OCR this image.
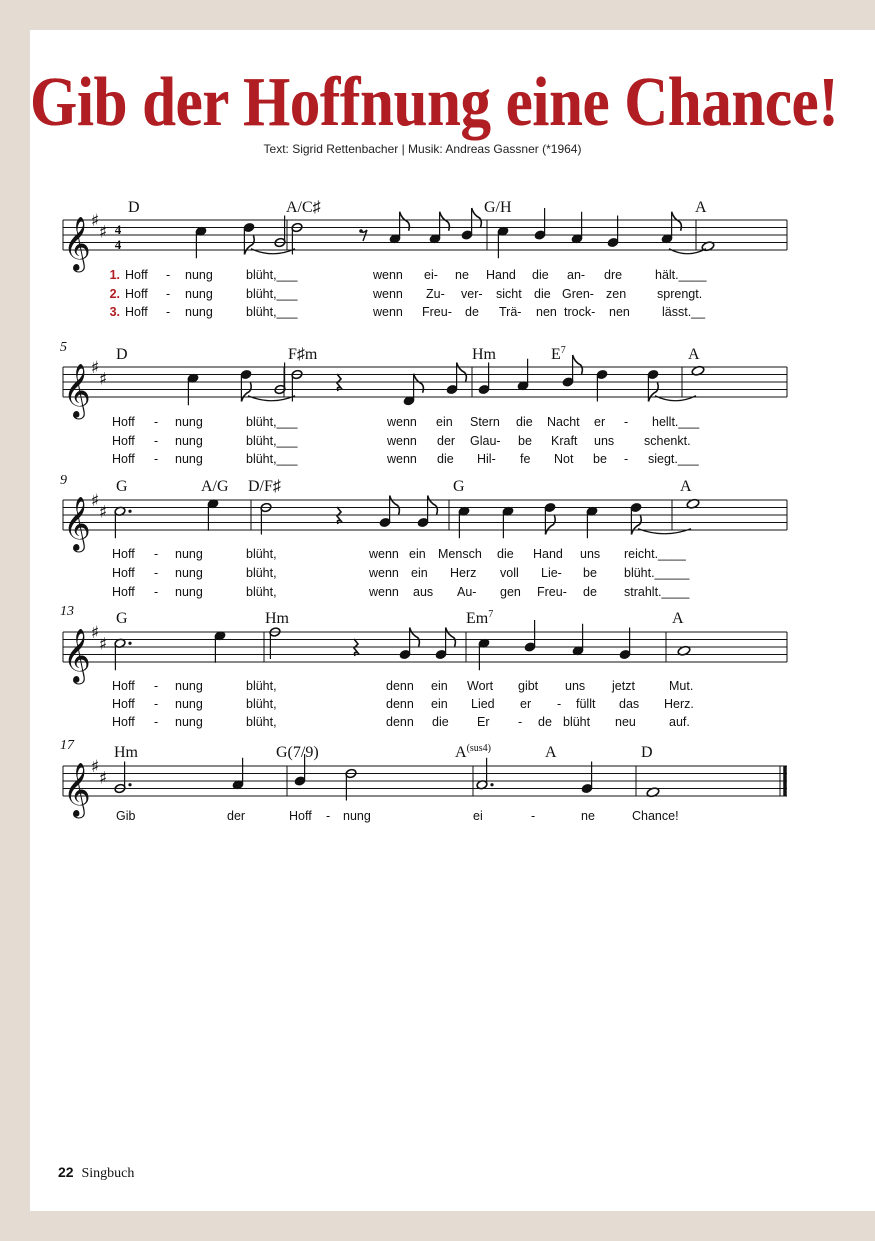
Gib der Hoffnung eine Chance!
Text: Sigrid Rettenbacher | Musik: Andreas Gassner (*1964)
𝄞 ♯
♯ 4
4
D	A/C♯	G/H	A
1.
2.
3.
Hoff - nung	blüht,___	wenn ei- ne Hand die an- dre	hält.____
Hoff - nung	blüht,___	wenn Zu- ver- sicht die Gren- zen sprengt.
Hoff - nung	blüht,___	wenn Freu- de Trä- nen trock- nen	lässt.__
𝄞 ♯
♯
5	D	F♯m	Hm	$E^7$	A
Hoff - nung	blüht,___	wenn ein Stern die Nacht er - hellt.___
Hoff - nung	blüht,___	wenn der Glau- be Kraft uns schenkt.
Hoff - nung	blüht,___	wenn die Hil- fe Not be - siegt.___
𝄞 ♯
♯
9	G	A/G D/F♯	G	A
Hoff - nung	blüht,	wenn ein Mensch die Hand uns reicht.____
Hoff - nung	blüht,	wenn ein Herz voll Lie- be blüht._____
Hoff - nung	blüht,	wenn aus Au- gen Freu- de strahlt.____
𝄞 ♯
♯
13	G	Hm	Em$^7$	A
Hoff - nung	blüht,	denn ein Wort gibt uns jetzt	Mut.
Hoff - nung	blüht,	denn ein Lied er - füllt das Herz.
Hoff - nung	blüht,	denn die Er - de blüht neu	auf.
𝄞 ♯
♯
17	Hm	G(7/9)	$A^{(sus4)}$	A	D
Gib	der	Hoff - nung	ei	-	ne	Chance!
22 Singbuch
